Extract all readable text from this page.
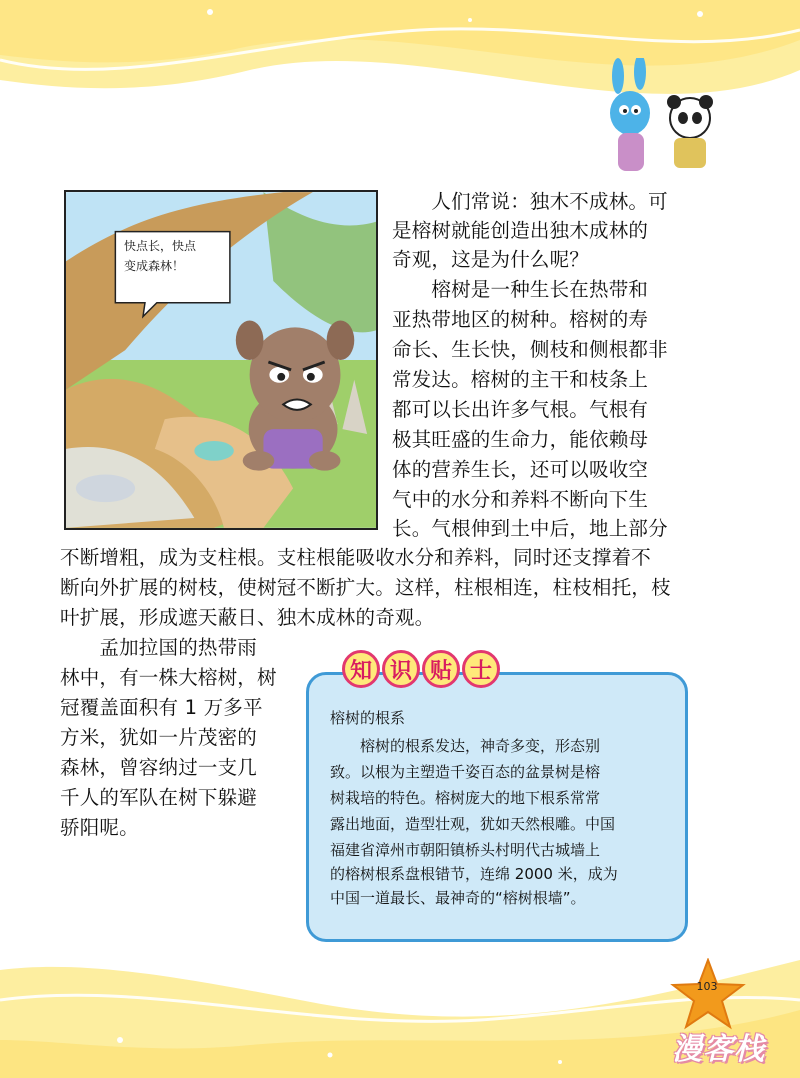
快点长，快点
变成森林！
　　人们常说：独木不成林。可
是榕树就能创造出独木成林的
奇观，这是为什么呢？
　　榕树是一种生长在热带和
亚热带地区的树种。榕树的寿
命长、生长快，侧枝和侧根都非
常发达。榕树的主干和枝条上
都可以长出许多气根。气根有
极其旺盛的生命力，能依赖母
体的营养生长，还可以吸收空
气中的水分和养料不断向下生
长。气根伸到土中后，地上部分
不断增粗，成为支柱根。支柱根能吸收水分和养料，同时还支撑着不
断向外扩展的树枝，使树冠不断扩大。这样，柱根相连，柱枝相托，枝
叶扩展，形成遮天蔽日、独木成林的奇观。
　　孟加拉国的热带雨
林中，有一株大榕树，树
冠覆盖面积有 1 万多平
方米，犹如一片茂密的
森林，曾容纳过一支几
千人的军队在树下躲避
骄阳呢。
知 识 贴 士
榕树的根系
　　榕树的根系发达，神奇多变，形态别
致。以根为主塑造千姿百态的盆景树是榕
树栽培的特色。榕树庞大的地下根系常常
露出地面，造型壮观，犹如天然根雕。中国
福建省漳州市朝阳镇桥头村明代古城墙上
的榕树根系盘根错节，连绵 2000 米，成为
中国一道最长、最神奇的“榕树根墙”。
103
漫客栈
